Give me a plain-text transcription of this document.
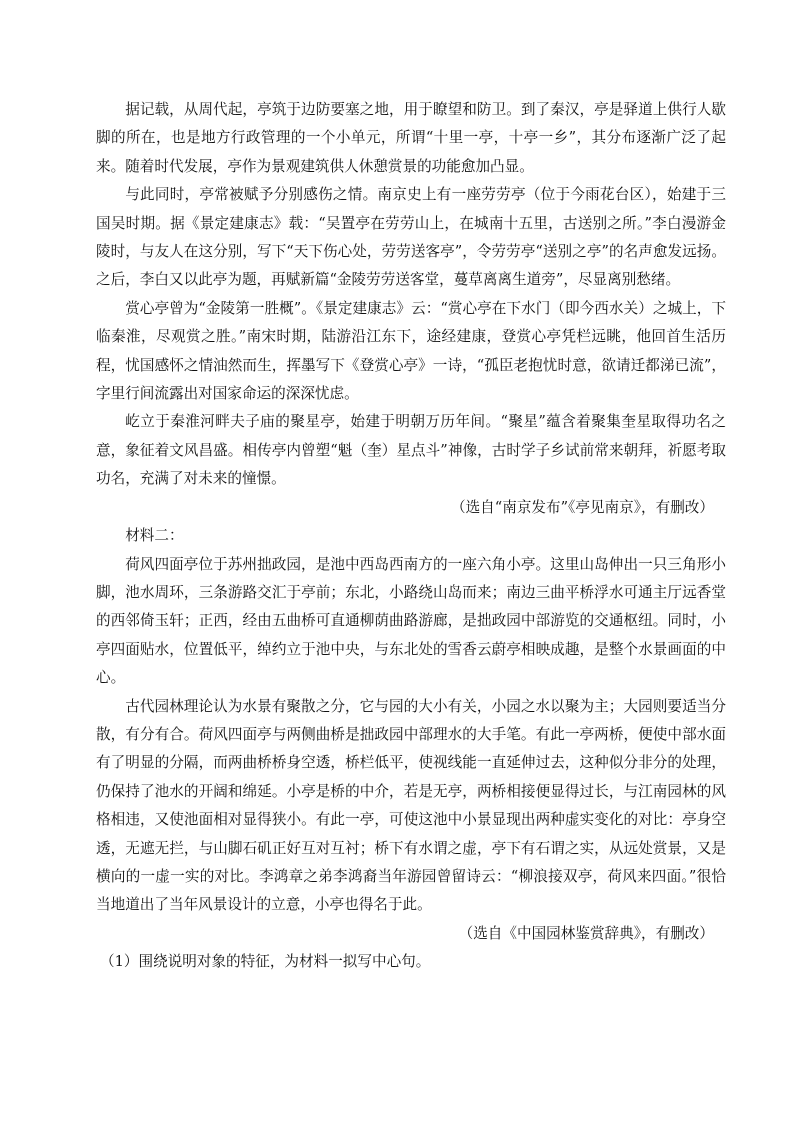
据记载，从周代起，亭筑于边防要塞之地，用于瞭望和防卫。到了秦汉，亭是驿道上供行人歇脚的所在，也是地方行政管理的一个小单元，所谓“十里一亭，十亭一乡”，其分布逐渐广泛了起来。随着时代发展，亭作为景观建筑供人休憩赏景的功能愈加凸显。

与此同时，亭常被赋予分别感伤之情。南京史上有一座劳劳亭（位于今雨花台区），始建于三国吴时期。据《景定建康志》载：“吴置亭在劳劳山上，在城南十五里，古送别之所。”李白漫游金陵时，与友人在这分别，写下“天下伤心处，劳劳送客亭”，令劳劳亭“送别之亭”的名声愈发远扬。之后，李白又以此亭为题，再赋新篇“金陵劳劳送客堂，蔓草离离生道旁”，尽显离别愁绪。

赏心亭曾为“金陵第一胜概”。《景定建康志》云：“赏心亭在下水门（即今西水关）之城上，下临秦淮，尽观赏之胜。”南宋时期，陆游沿江东下，途经建康，登赏心亭凭栏远眺，他回首生活历程，忧国感怀之情油然而生，挥墨写下《登赏心亭》一诗，“孤臣老抱忧时意，欲请迁都涕已流”，字里行间流露出对国家命运的深深忧虑。

屹立于秦淮河畔夫子庙的聚星亭，始建于明朝万历年间。“聚星”蕴含着聚集奎星取得功名之意，象征着文风昌盛。相传亭内曾塑“魁（奎）星点斗”神像，古时学子乡试前常来朝拜，祈愿考取功名，充满了对未来的憧憬。

（选自“南京发布”《亭见南京》，有删改）

材料二：

荷风四面亭位于苏州拙政园，是池中西岛西南方的一座六角小亭。这里山岛伸出一只三角形小脚，池水周环，三条游路交汇于亭前；东北，小路绕山岛而来；南边三曲平桥浮水可通主厅远香堂的西邻倚玉轩；正西，经由五曲桥可直通柳荫曲路游廊，是拙政园中部游览的交通枢纽。同时，小亭四面贴水，位置低平，绰约立于池中央，与东北处的雪香云蔚亭相映成趣，是整个水景画面的中心。

古代园林理论认为水景有聚散之分，它与园的大小有关，小园之水以聚为主；大园则要适当分散，有分有合。荷风四面亭与两侧曲桥是拙政园中部理水的大手笔。有此一亭两桥，便使中部水面有了明显的分隔，而两曲桥桥身空透，桥栏低平，使视线能一直延伸过去，这种似分非分的处理，仍保持了池水的开阔和绵延。小亭是桥的中介，若是无亭，两桥相接便显得过长，与江南园林的风格相违，又使池面相对显得狭小。有此一亭，可使这池中小景显现出两种虚实变化的对比：亭身空透，无遮无拦，与山脚石矶正好互对互衬；桥下有水谓之虚，亭下有石谓之实，从远处赏景，又是横向的一虚一实的对比。李鸿章之弟李鸿裔当年游园曾留诗云：“柳浪接双亭，荷风来四面。”很恰当地道出了当年风景设计的立意，小亭也得名于此。

（选自《中国园林鉴赏辞典》，有删改）

（1）围绕说明对象的特征，为材料一拟写中心句。
